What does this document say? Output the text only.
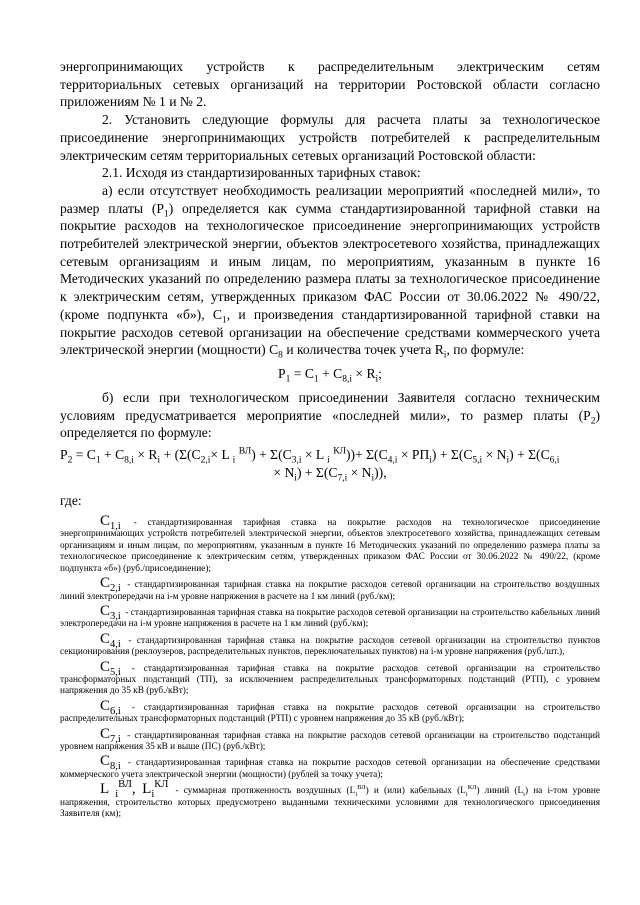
энергопринимающих устройств к распределительным электрическим сетям территориальных сетевых организаций на территории Ростовской области согласно приложениям № 1 и № 2.

2. Установить следующие формулы для расчета платы за технологическое присоединение энергопринимающих устройств потребителей к распределительным электрическим сетям территориальных сетевых организаций Ростовской области:

2.1. Исходя из стандартизированных тарифных ставок:

а) если отсутствует необходимость реализации мероприятий «последней мили», то размер платы $(P_1)$ определяется как сумма стандартизированной тарифной ставки на покрытие расходов на технологическое присоединение энергопринимающих устройств потребителей электрической энергии, объектов электросетевого хозяйства, принадлежащих сетевым организациям и иным лицам, по мероприятиям, указанным в пункте 16 Методических указаний по определению размера платы за технологическое присоединение к электрическим сетям, утвержденных приказом ФАС России от 30.06.2022 № 490/22, (кроме подпункта «б»), $C_1$, и произведения стандартизированной тарифной ставки на покрытие расходов сетевой организации на обеспечение средствами коммерческого учета электрической энергии (мощности) $C_8$ и количества точек учета $R_i$, по формуле:

$P_1 = C_1 + C_{8,i} \times R_i$;

б) если при технологическом присоединении Заявителя согласно техническим условиям предусматривается мероприятие «последней мили», то размер платы $(P_2)$ определяется по формуле:

$P_2 = C_1 + C_{8,i} \times R_i + (\Sigma(C_{2,i}\times L$ $_i$ $^{ВЛ}) + \Sigma(C_{3,i} \times L$ $_i$ $^{КЛ}))+ \Sigma(C_{4,i} \times PП_i) + \Sigma(C_{5,i} \times N_i) + \Sigma(C_{6,i}$
× $N_i) + \Sigma(C_{7,i} \times N_i)$),

где:

$C_{1,i}$ - стандартизированная тарифная ставка на покрытие расходов на технологическое присоединение энергопринимающих устройств потребителей электрической энергии, объектов электросетевого хозяйства, принадлежащих сетевым организациям и иным лицам, по мероприятиям, указанным в пункте 16 Методических указаний по определению размера платы за технологическое присоединение к электрическим сетям, утвержденных приказом ФАС России от 30.06.2022 № 490/22, (кроме подпункта «б») (руб./присоединение);

$C_{2,i}$ - стандартизированная тарифная ставка на покрытие расходов сетевой организации на строительство воздушных линий электропередачи на i-м уровне напряжения в расчете на 1 км линий (руб./км);

$C_{3,i}$ - стандартизированная тарифная ставка на покрытие расходов сетевой организации на строительство кабельных линий электропередачи на i-м уровне напряжения в расчете на 1 км линий (руб./км);

$C_{4,i}$ - стандартизированная тарифная ставка на покрытие расходов сетевой организации на строительство пунктов секционирования (реклоузеров, распределительных пунктов, переключательных пунктов) на i-м уровне напряжения (руб./шт.),

$C_{5,i}$ - стандартизированная тарифная ставка на покрытие расходов сетевой организации на строительство трансформаторных подстанций (ТП), за исключением распределительных трансформаторных подстанций (РТП), с уровнем напряжения до 35 кВ (руб./кВт);

$C_{6,i}$ - стандартизированная тарифная ставка на покрытие расходов сетевой организации на строительство распределительных трансформаторных подстанций (РТП) с уровнем напряжения до 35 кВ (руб./кВт);

$C_{7,i}$ - стандартизированная тарифная ставка на покрытие расходов сетевой организации на строительство подстанций уровнем напряжения 35 кВ и выше (ПС) (руб./кВт);

$C_{8,i}$ - стандартизированная тарифная ставка на покрытие расходов сетевой организации на обеспечение средствами коммерческого учета электрической энергии (мощности) (рублей за точку учета);

L $_i^{ВЛ}$, $L_i^{КЛ}$ - суммарная протяженность воздушных $(L_i^{ВЛ})$ и (или) кабельных $(L_i^{КЛ})$ линий $(L_i)$ на i-том уровне напряжения, строительство которых предусмотрено выданными техническими условиями для технологического присоединения Заявителя (км);
